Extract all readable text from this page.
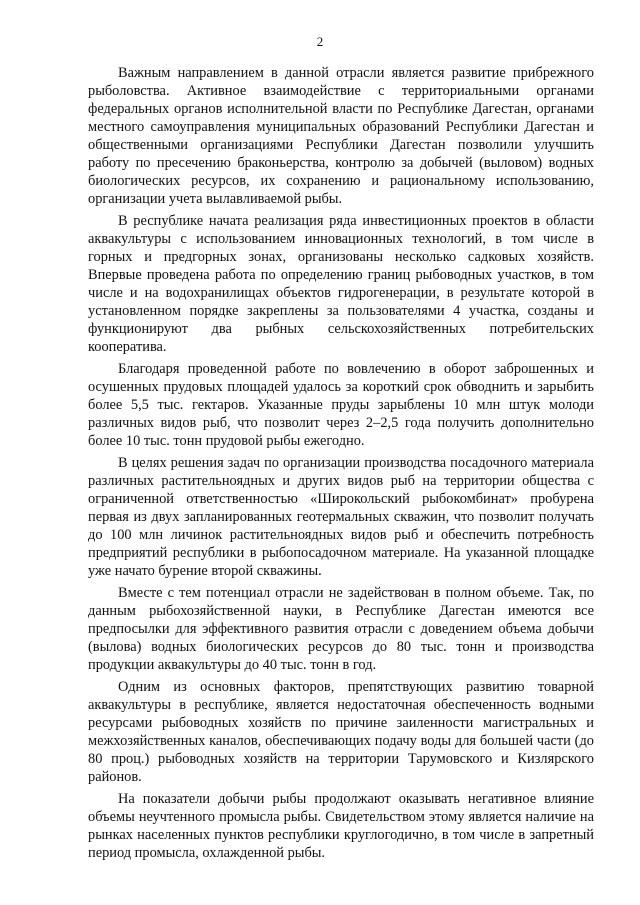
2

Важным направлением в данной отрасли является развитие прибрежного рыболовства. Активное взаимодействие с территориальными органами федеральных органов исполнительной власти по Республике Дагестан, органами местного самоуправления муниципальных образований Республики Дагестан и общественными организациями Республики Дагестан позволили улучшить работу по пресечению браконьерства, контролю за добычей (выловом) водных биологических ресурсов, их сохранению и рациональному использованию, организации учета вылавливаемой рыбы.

В республике начата реализация ряда инвестиционных проектов в области аквакультуры с использованием инновационных технологий, в том числе в горных и предгорных зонах, организованы несколько садковых хозяйств. Впервые проведена работа по определению границ рыбоводных участков, в том числе и на водохранилищах объектов гидрогенерации, в результате которой в установленном порядке закреплены за пользователями 4 участка, созданы и функционируют два рыбных сельскохозяйственных потребительских кооператива.

Благодаря проведенной работе по вовлечению в оборот заброшенных и осушенных прудовых площадей удалось за короткий срок обводнить и зарыбить более 5,5 тыс. гектаров. Указанные пруды зарыблены 10 млн штук молоди различных видов рыб, что позволит через 2–2,5 года получить дополнительно более 10 тыс. тонн прудовой рыбы ежегодно.

В целях решения задач по организации производства посадочного материала различных растительноядных и других видов рыб на территории общества с ограниченной ответственностью «Широкольский рыбокомбинат» пробурена первая из двух запланированных геотермальных скважин, что позволит получать до 100 млн личинок растительноядных видов рыб и обеспечить потребность предприятий республики в рыбопосадочном материале. На указанной площадке уже начато бурение второй скважины.

Вместе с тем потенциал отрасли не задействован в полном объеме. Так, по данным рыбохозяйственной науки, в Республике Дагестан имеются все предпосылки для эффективного развития отрасли с доведением объема добычи (вылова) водных биологических ресурсов до 80 тыс. тонн и производства продукции аквакультуры до 40 тыс. тонн в год.

Одним из основных факторов, препятствующих развитию товарной аквакультуры в республике, является недостаточная обеспеченность водными ресурсами рыбоводных хозяйств по причине заиленности магистральных и межхозяйственных каналов, обеспечивающих подачу воды для большей части (до 80 проц.) рыбоводных хозяйств на территории Тарумовского и Кизлярского районов.

На показатели добычи рыбы продолжают оказывать негативное влияние объемы неучтенного промысла рыбы. Свидетельством этому является наличие на рынках населенных пунктов республики круглогодично, в том числе в запретный период промысла, охлажденной рыбы.
